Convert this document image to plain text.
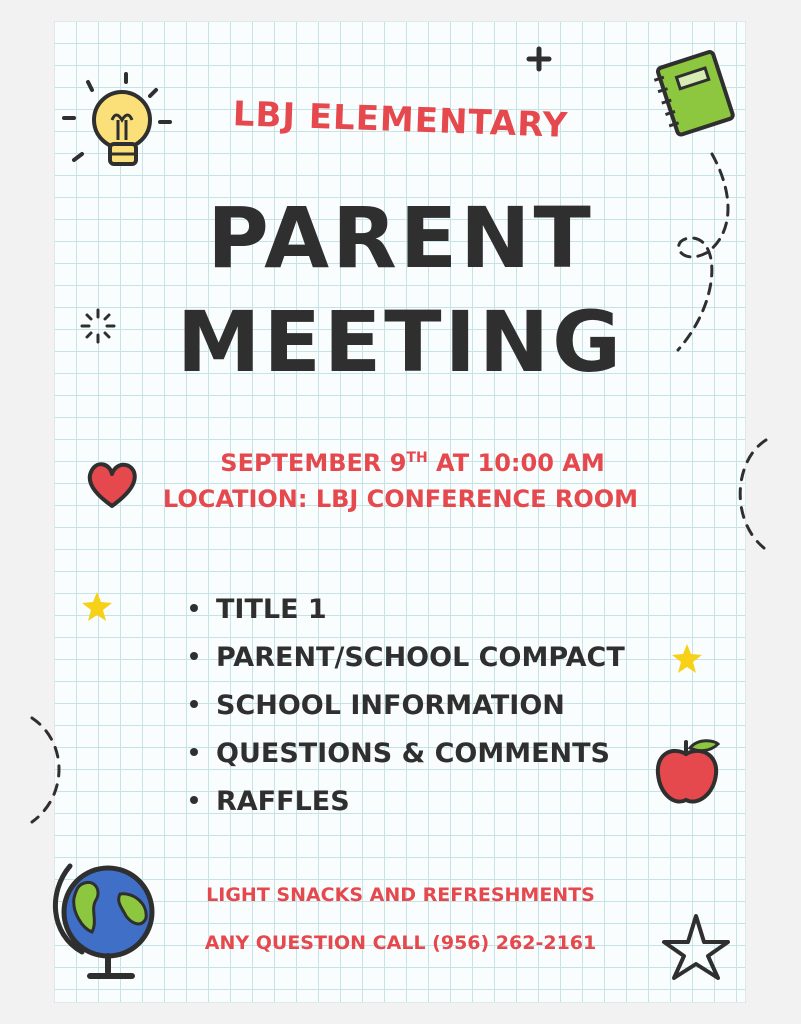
LBJ ELEMENTARY
PARENT
MEETING
SEPTEMBER 9TH AT 10:00 AM
LOCATION: LBJ CONFERENCE ROOM
TITLE 1
PARENT/SCHOOL COMPACT
SCHOOL INFORMATION
QUESTIONS & COMMENTS
RAFFLES
LIGHT SNACKS AND REFRESHMENTS
ANY QUESTION CALL (956) 262-2161
